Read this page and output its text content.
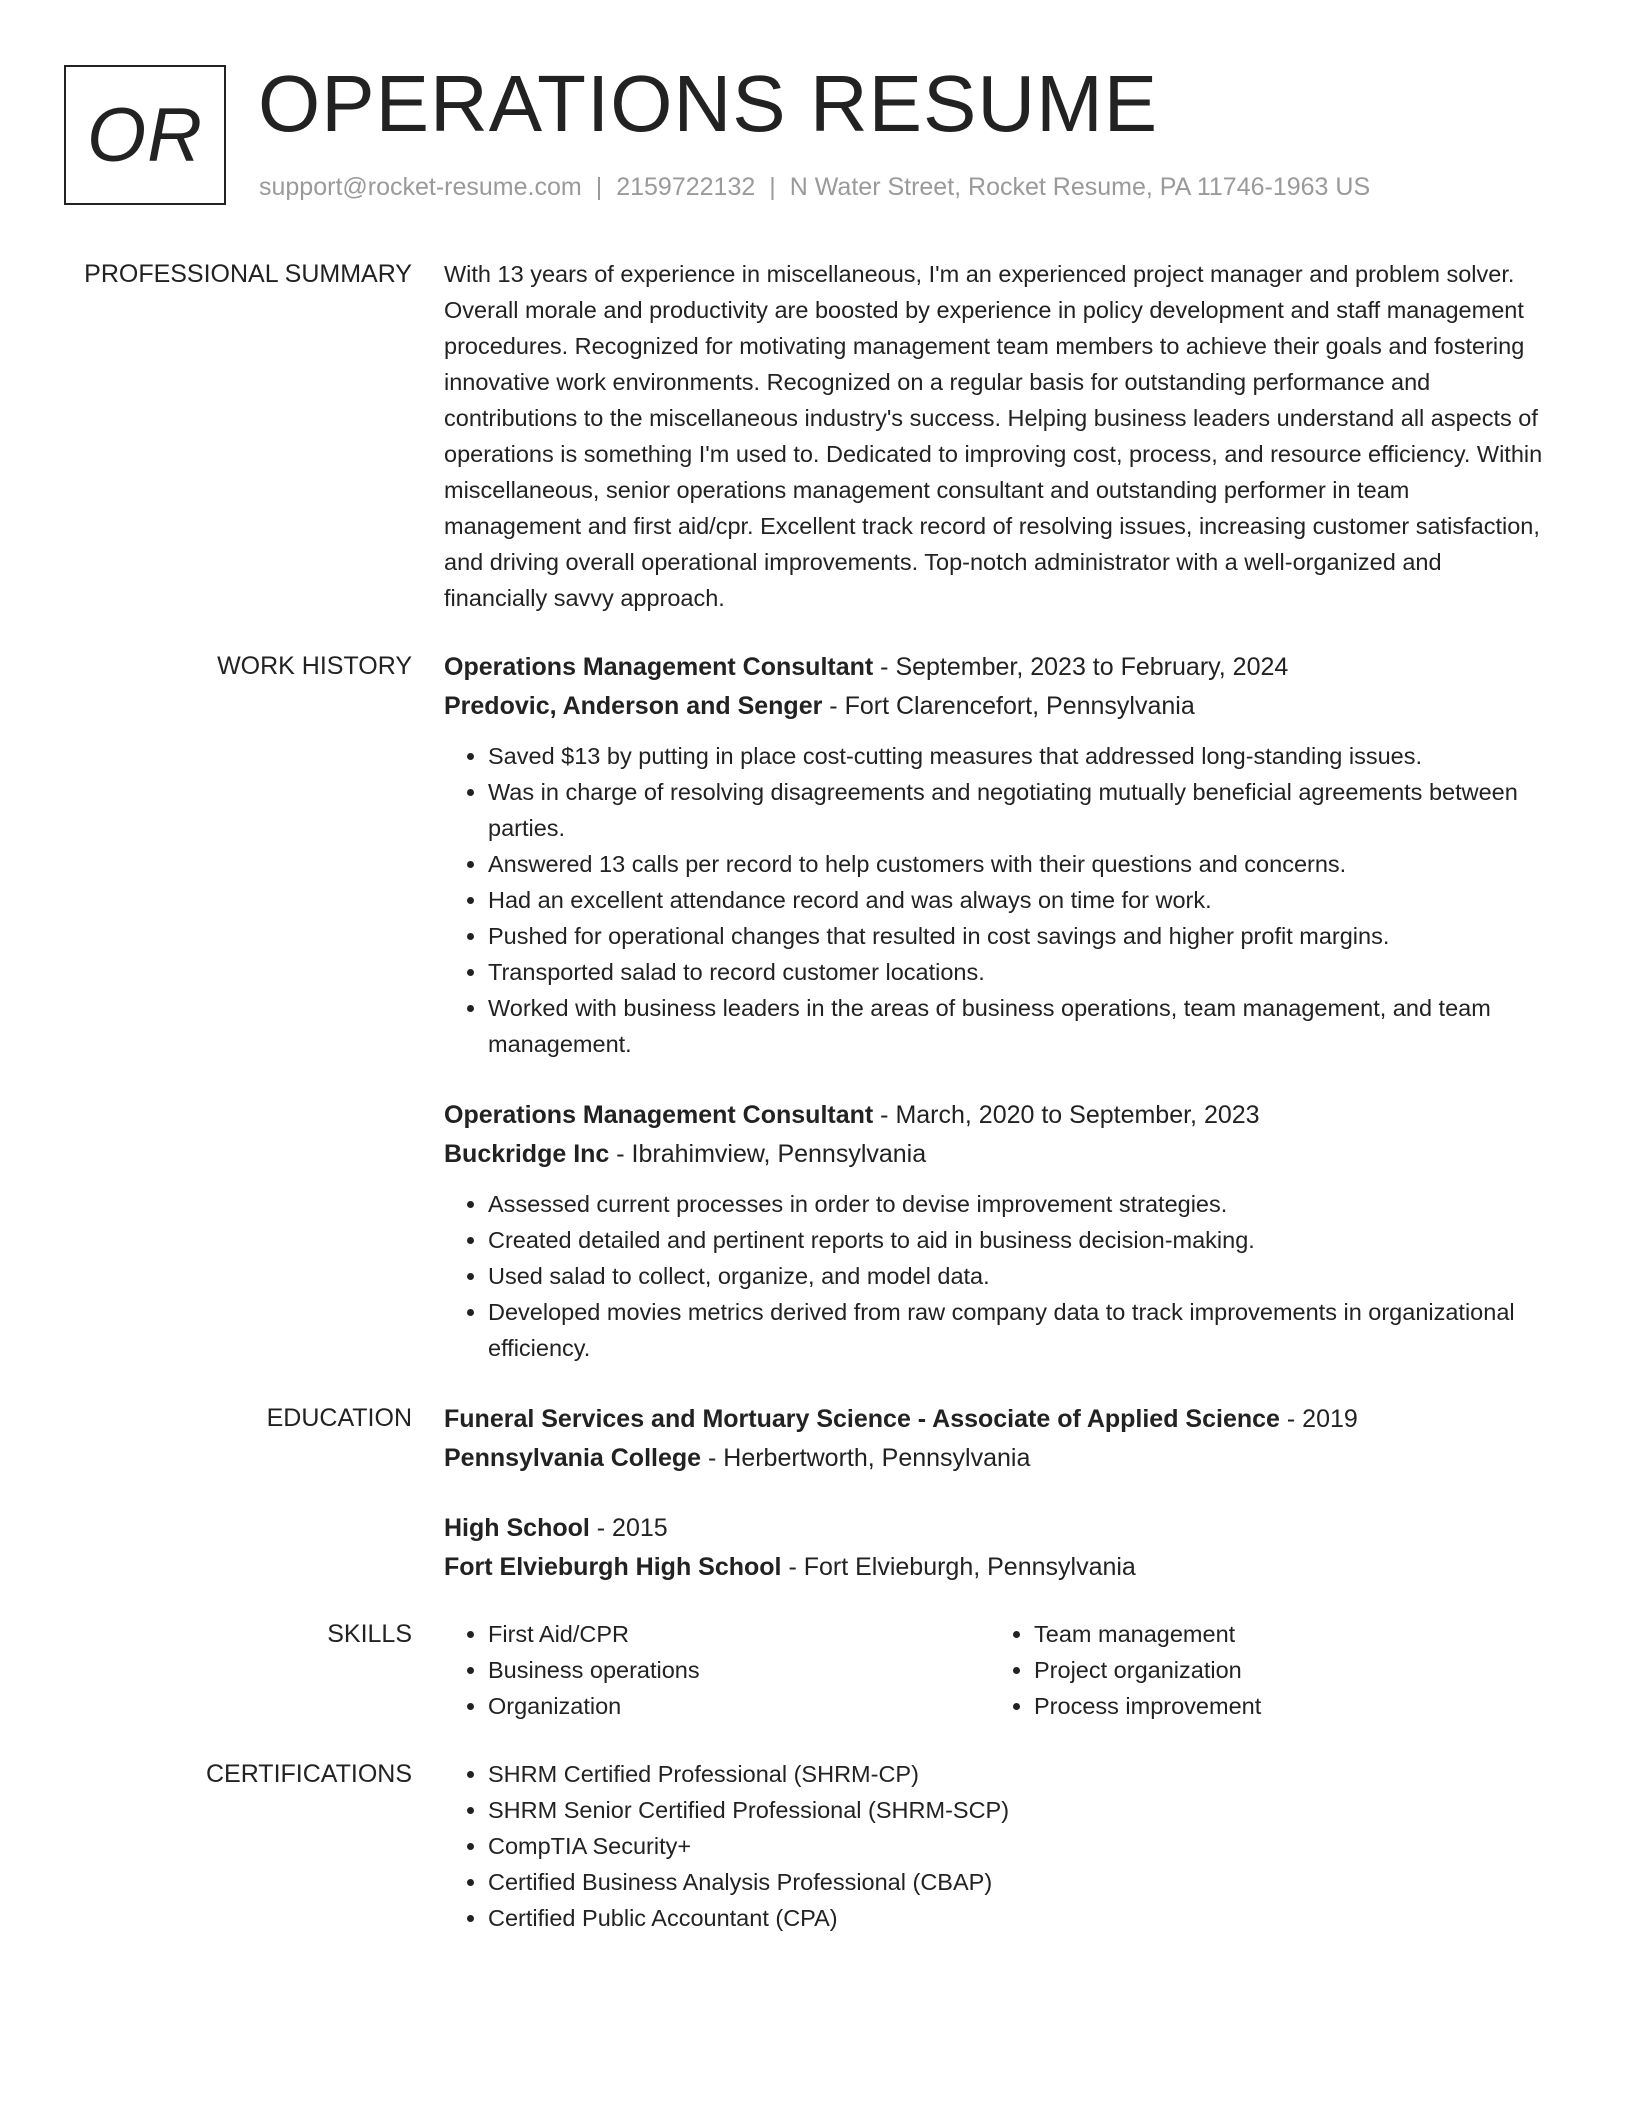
OR OPERATIONS RESUME
support@rocket-resume.com | 2159722132 | N Water Street, Rocket Resume, PA 11746-1963 US
PROFESSIONAL SUMMARY With 13 years of experience in miscellaneous, I'm an experienced project manager and problem solver. Overall morale and productivity are boosted by experience in policy development and staff management procedures. Recognized for motivating management team members to achieve their goals and fostering innovative work environments. Recognized on a regular basis for outstanding performance and contributions to the miscellaneous industry's success. Helping business leaders understand all aspects of operations is something I'm used to. Dedicated to improving cost, process, and resource efficiency. Within miscellaneous, senior operations management consultant and outstanding performer in team management and first aid/cpr. Excellent track record of resolving issues, increasing customer satisfaction, and driving overall operational improvements. Top-notch administrator with a well-organized and financially savvy approach.

WORK HISTORY Operations Management Consultant - September, 2023 to February, 2024
Predovic, Anderson and Senger - Fort Clarencefort, Pennsylvania
• Saved $13 by putting in place cost-cutting measures that addressed long-standing issues.
• Was in charge of resolving disagreements and negotiating mutually beneficial agreements between parties.
• Answered 13 calls per record to help customers with their questions and concerns.
• Had an excellent attendance record and was always on time for work.
• Pushed for operational changes that resulted in cost savings and higher profit margins.
• Transported salad to record customer locations.
• Worked with business leaders in the areas of business operations, team management, and team management.
Operations Management Consultant - March, 2020 to September, 2023
Buckridge Inc - Ibrahimview, Pennsylvania
• Assessed current processes in order to devise improvement strategies.
• Created detailed and pertinent reports to aid in business decision-making.
• Used salad to collect, organize, and model data.
• Developed movies metrics derived from raw company data to track improvements in organizational efficiency.
EDUCATION Funeral Services and Mortuary Science - Associate of Applied Science - 2019
Pennsylvania College - Herbertworth, Pennsylvania
High School - 2015
Fort Elvieburgh High School - Fort Elvieburgh, Pennsylvania
SKILLS	• First Aid/CPR
• Business operations
• Organization
• Team management
• Project organization
• Process improvement
CERTIFICATIONS	• SHRM Certified Professional (SHRM-CP)
• SHRM Senior Certified Professional (SHRM-SCP)
• CompTIA Security+
• Certified Business Analysis Professional (CBAP)
• Certified Public Accountant (CPA)
